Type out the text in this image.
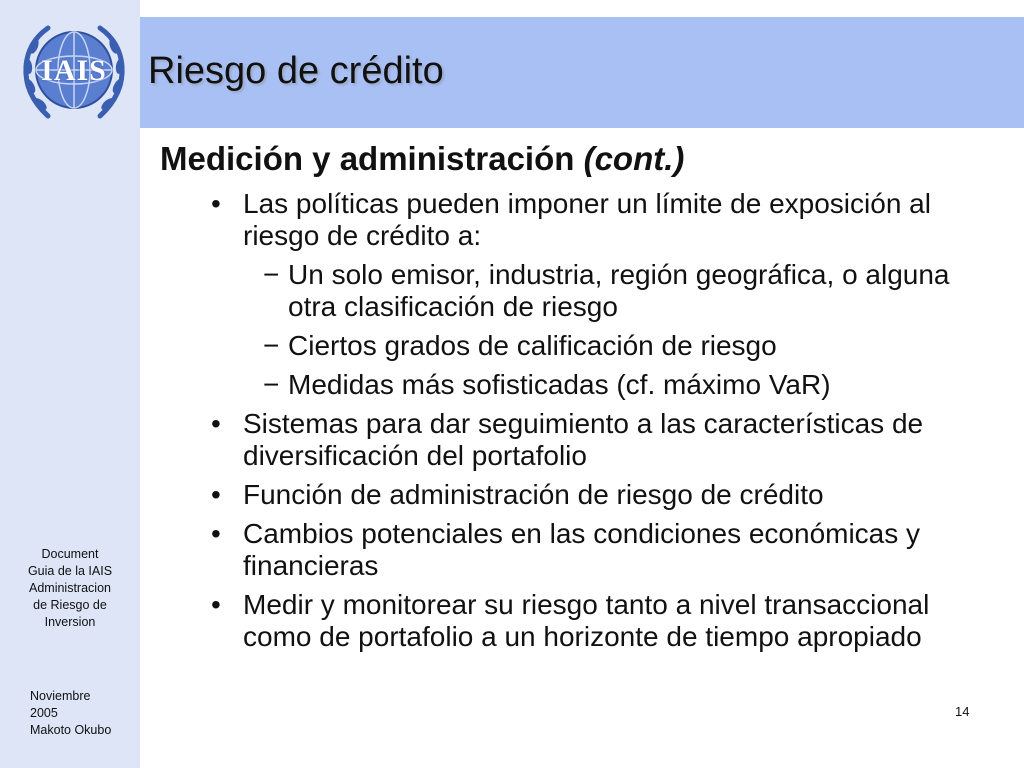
IAIS	Riesgo de crédito
Medición y administración (cont.)
• Las políticas pueden imponer un límite de exposición al riesgo de crédito a:
− Un solo emisor, industria, región geográfica, o alguna otra clasificación de riesgo
− Ciertos grados de calificación de riesgo
− Medidas más sofisticadas (cf. máximo VaR)
• Sistemas para dar seguimiento a las características de diversificación del portafolio
• Función de administración de riesgo de crédito
• Cambios potenciales en las condiciones económicas y financieras
• Medir y monitorear su riesgo tanto a nivel transaccional como de portafolio a un horizonte de tiempo apropiado
Document
Guia de la IAIS
Administracion
de Riesgo de
Inversion
Noviembre
2005
Makoto Okubo
14
